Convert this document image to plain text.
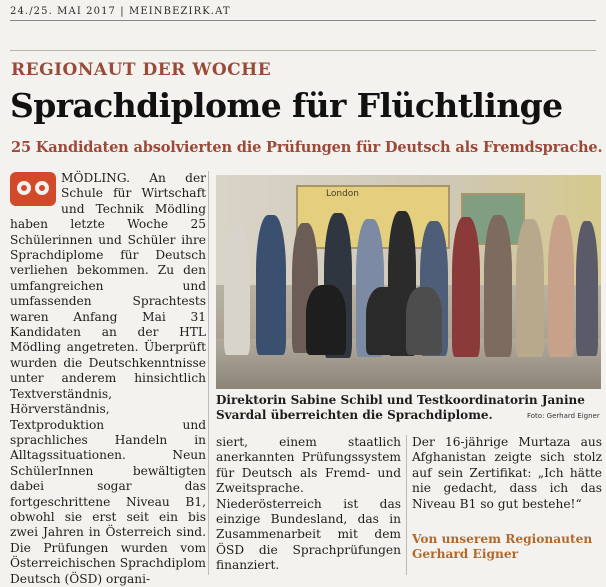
24./25. MAI 2017 | MEINBEZIRK.AT
REGIONAUT DER WOCHE
Sprachdiplome für Flüchtlinge
25 Kandidaten absolvierten die Prüfungen für Deutsch als Fremdsprache.
MÖDLING. An der Schule für Wirtschaft und Technik Mödling haben letzte Woche 25 Schülerinnen und Schüler ihre Sprachdiplome für Deutsch verliehen bekommen. Zu den umfangreichen und umfassenden Sprachtests waren Anfang Mai 31 Kandidaten an der HTL Mödling angetreten. Überprüft wurden die Deutschkenntnisse unter anderem hinsichtlich Textverständnis, Hörverständnis, Textproduktion und sprachliches Handeln in Alltagssituationen. Neun SchülerInnen bewältigten dabei sogar das fortgeschrittene Niveau B1, obwohl sie erst seit ein bis zwei Jahren in Österreich sind. Die Prüfungen wurden vom Österreichischen Sprachdiplom Deutsch (ÖSD) organi-
London
Direktorin Sabine Schibl und Testkoordinatorin Janine Svardal überreichten die Sprachdiplome.	Foto: Gerhard Eigner
siert, einem staatlich anerkannten Prüfungssystem für Deutsch als Fremd- und Zweitsprache. Niederösterreich ist das einzige Bundesland, das in Zusammenarbeit mit dem ÖSD die Sprachprüfungen finanziert.
Der 16-jährige Murtaza aus Afghanistan zeigte sich stolz auf sein Zertifikat: „Ich hätte nie gedacht, dass ich das Niveau B1 so gut bestehe!“
Von unserem Regionauten
Gerhard Eigner
